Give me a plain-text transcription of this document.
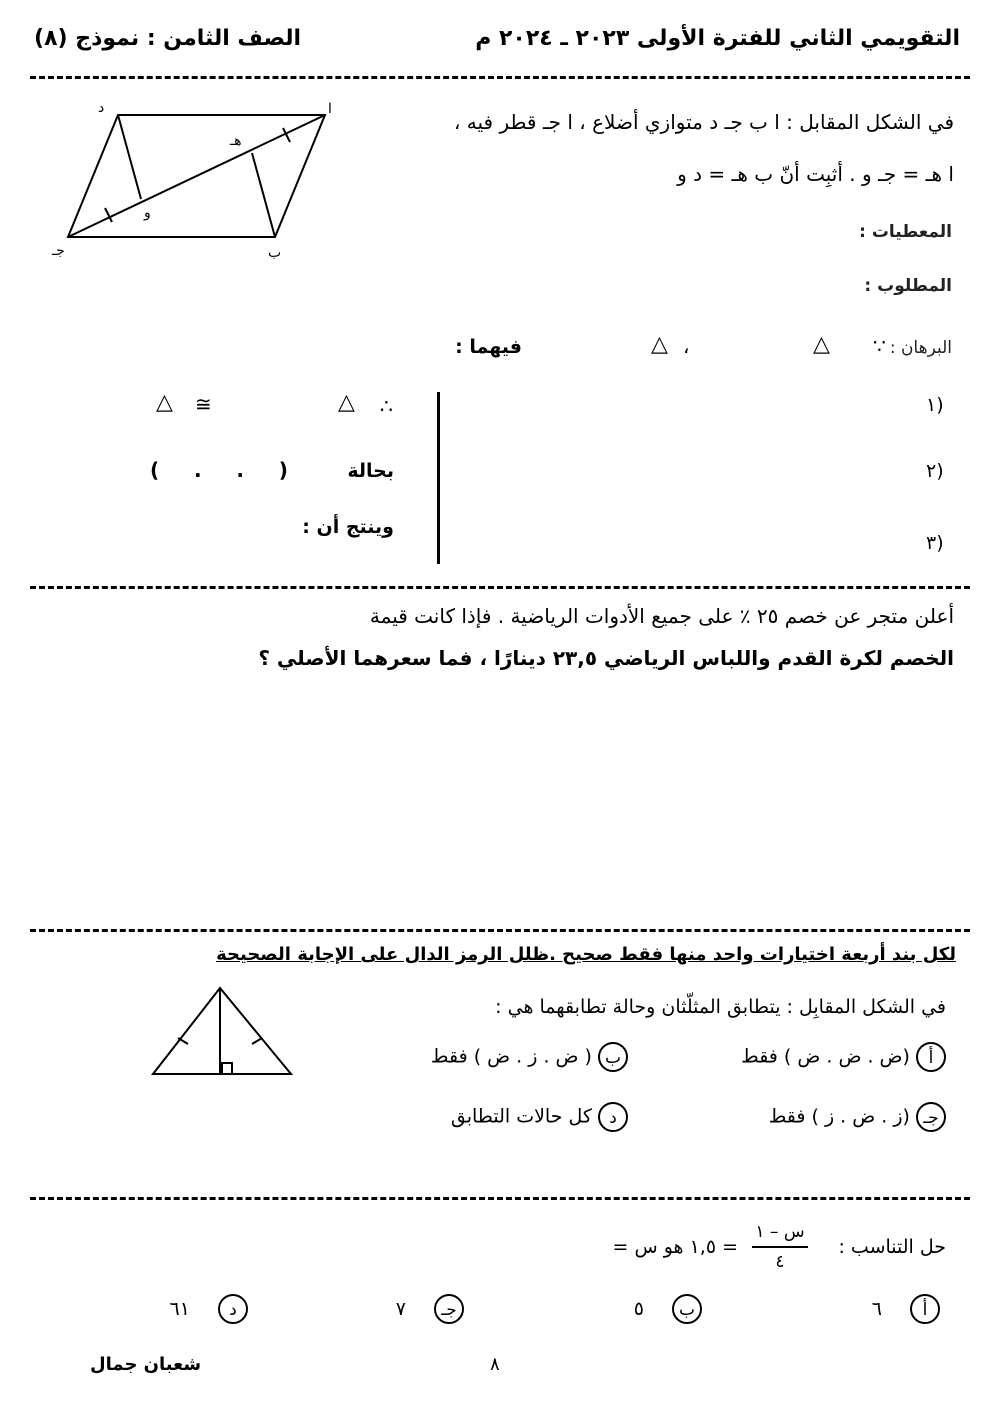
التقويمي الثاني للفترة الأولى ٢٠٢٣ ـ ٢٠٢٤ م
الصف الثامن : نموذج (٨)
ا
ب
جـ
د
هـ
و
في الشكل المقابل : ا ب جـ د متوازي أضلاع ، ا جـ قطر فيه ،
ا هـ = جـ و . أثبِت أنّ ب هـ = د و
المعطيات :
المطلوب :
البرهان :
∵
△
،
△
فيهما :
١)
٢)
٣)
∴
△
≅
△
بحالة
(     .     .     )
وينتج أن :
أعلن متجر عن خصم ٢٥ ٪ على جميع الأدوات الرياضية . فإذا كانت قيمة
الخصم لكرة القدم واللباس الرياضي ٢٣,٥ دينارًا ، فما سعرهما الأصلي ؟
لكل بند أربعة اختيارات واحد منها فقط صحيح .ظلل الرمز الدال على الإجابة الصحيحة
في الشكل المقابِل : يتطابق المثلّثان وحالة تطابقهما هي :
أ (ض . ض . ض ) فقط
ب ( ض . ز . ض ) فقط
جـ (ز . ض . ز ) فقط
د كل حالات التطابق
حل التناسب :
س – ١
٤
= ١,٥ هو س =
أ ٦
ب ٥
جـ ٧
د ٦١
٨
شعبان جمال
